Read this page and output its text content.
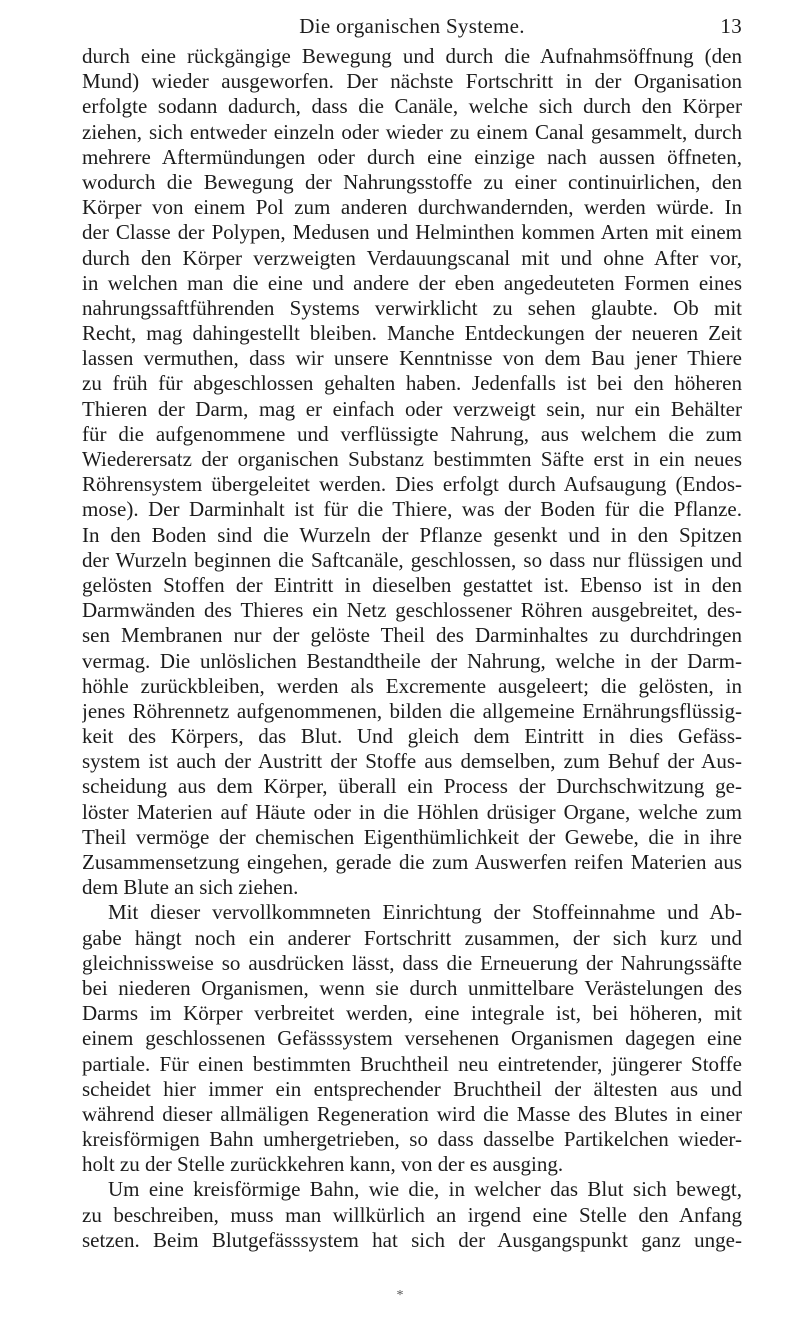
Die organischen Systeme.	13
durch eine rückgängige Bewegung und durch die Aufnahmsöffnung (den
Mund) wieder ausgeworfen. Der nächste Fortschritt in der Organisation
erfolgte sodann dadurch, dass die Canäle, welche sich durch den Körper
ziehen, sich entweder einzeln oder wieder zu einem Canal gesammelt, durch
mehrere Aftermündungen oder durch eine einzige nach aussen öffneten,
wodurch die Bewegung der Nahrungsstoffe zu einer continuirlichen, den
Körper von einem Pol zum anderen durchwandernden, werden würde. In
der Classe der Polypen, Medusen und Helminthen kommen Arten mit einem
durch den Körper verzweigten Verdauungscanal mit und ohne After vor,
in welchen man die eine und andere der eben angedeuteten Formen eines
nahrungssaftführenden Systems verwirklicht zu sehen glaubte. Ob mit
Recht, mag dahingestellt bleiben. Manche Entdeckungen der neueren Zeit
lassen vermuthen, dass wir unsere Kenntnisse von dem Bau jener Thiere
zu früh für abgeschlossen gehalten haben. Jedenfalls ist bei den höheren
Thieren der Darm, mag er einfach oder verzweigt sein, nur ein Behälter
für die aufgenommene und verflüssigte Nahrung, aus welchem die zum
Wiederersatz der organischen Substanz bestimmten Säfte erst in ein neues
Röhrensystem übergeleitet werden. Dies erfolgt durch Aufsaugung (Endos-
mose). Der Darminhalt ist für die Thiere, was der Boden für die Pflanze.
In den Boden sind die Wurzeln der Pflanze gesenkt und in den Spitzen
der Wurzeln beginnen die Saftcanäle, geschlossen, so dass nur flüssigen und
gelösten Stoffen der Eintritt in dieselben gestattet ist. Ebenso ist in den
Darmwänden des Thieres ein Netz geschlossener Röhren ausgebreitet, des-
sen Membranen nur der gelöste Theil des Darminhaltes zu durchdringen
vermag. Die unlöslichen Bestandtheile der Nahrung, welche in der Darm-
höhle zurückbleiben, werden als Excremente ausgeleert; die gelösten, in
jenes Röhrennetz aufgenommenen, bilden die allgemeine Ernährungsflüssig-
keit des Körpers, das Blut. Und gleich dem Eintritt in dies Gefäss-
system ist auch der Austritt der Stoffe aus demselben, zum Behuf der Aus-
scheidung aus dem Körper, überall ein Process der Durchschwitzung ge-
löster Materien auf Häute oder in die Höhlen drüsiger Organe, welche zum
Theil vermöge der chemischen Eigenthümlichkeit der Gewebe, die in ihre
Zusammensetzung eingehen, gerade die zum Auswerfen reifen Materien aus
dem Blute an sich ziehen.
Mit dieser vervollkommneten Einrichtung der Stoffeinnahme und Ab-
gabe hängt noch ein anderer Fortschritt zusammen, der sich kurz und
gleichnissweise so ausdrücken lässt, dass die Erneuerung der Nahrungssäfte
bei niederen Organismen, wenn sie durch unmittelbare Verästelungen des
Darms im Körper verbreitet werden, eine integrale ist, bei höheren, mit
einem geschlossenen Gefässsystem versehenen Organismen dagegen eine
partiale. Für einen bestimmten Bruchtheil neu eintretender, jüngerer Stoffe
scheidet hier immer ein entsprechender Bruchtheil der ältesten aus und
während dieser allmäligen Regeneration wird die Masse des Blutes in einer
kreisförmigen Bahn umhergetrieben, so dass dasselbe Partikelchen wieder-
holt zu der Stelle zurückkehren kann, von der es ausging.
Um eine kreisförmige Bahn, wie die, in welcher das Blut sich bewegt,
zu beschreiben, muss man willkürlich an irgend eine Stelle den Anfang
setzen. Beim Blutgefässsystem hat sich der Ausgangspunkt ganz unge-
*
